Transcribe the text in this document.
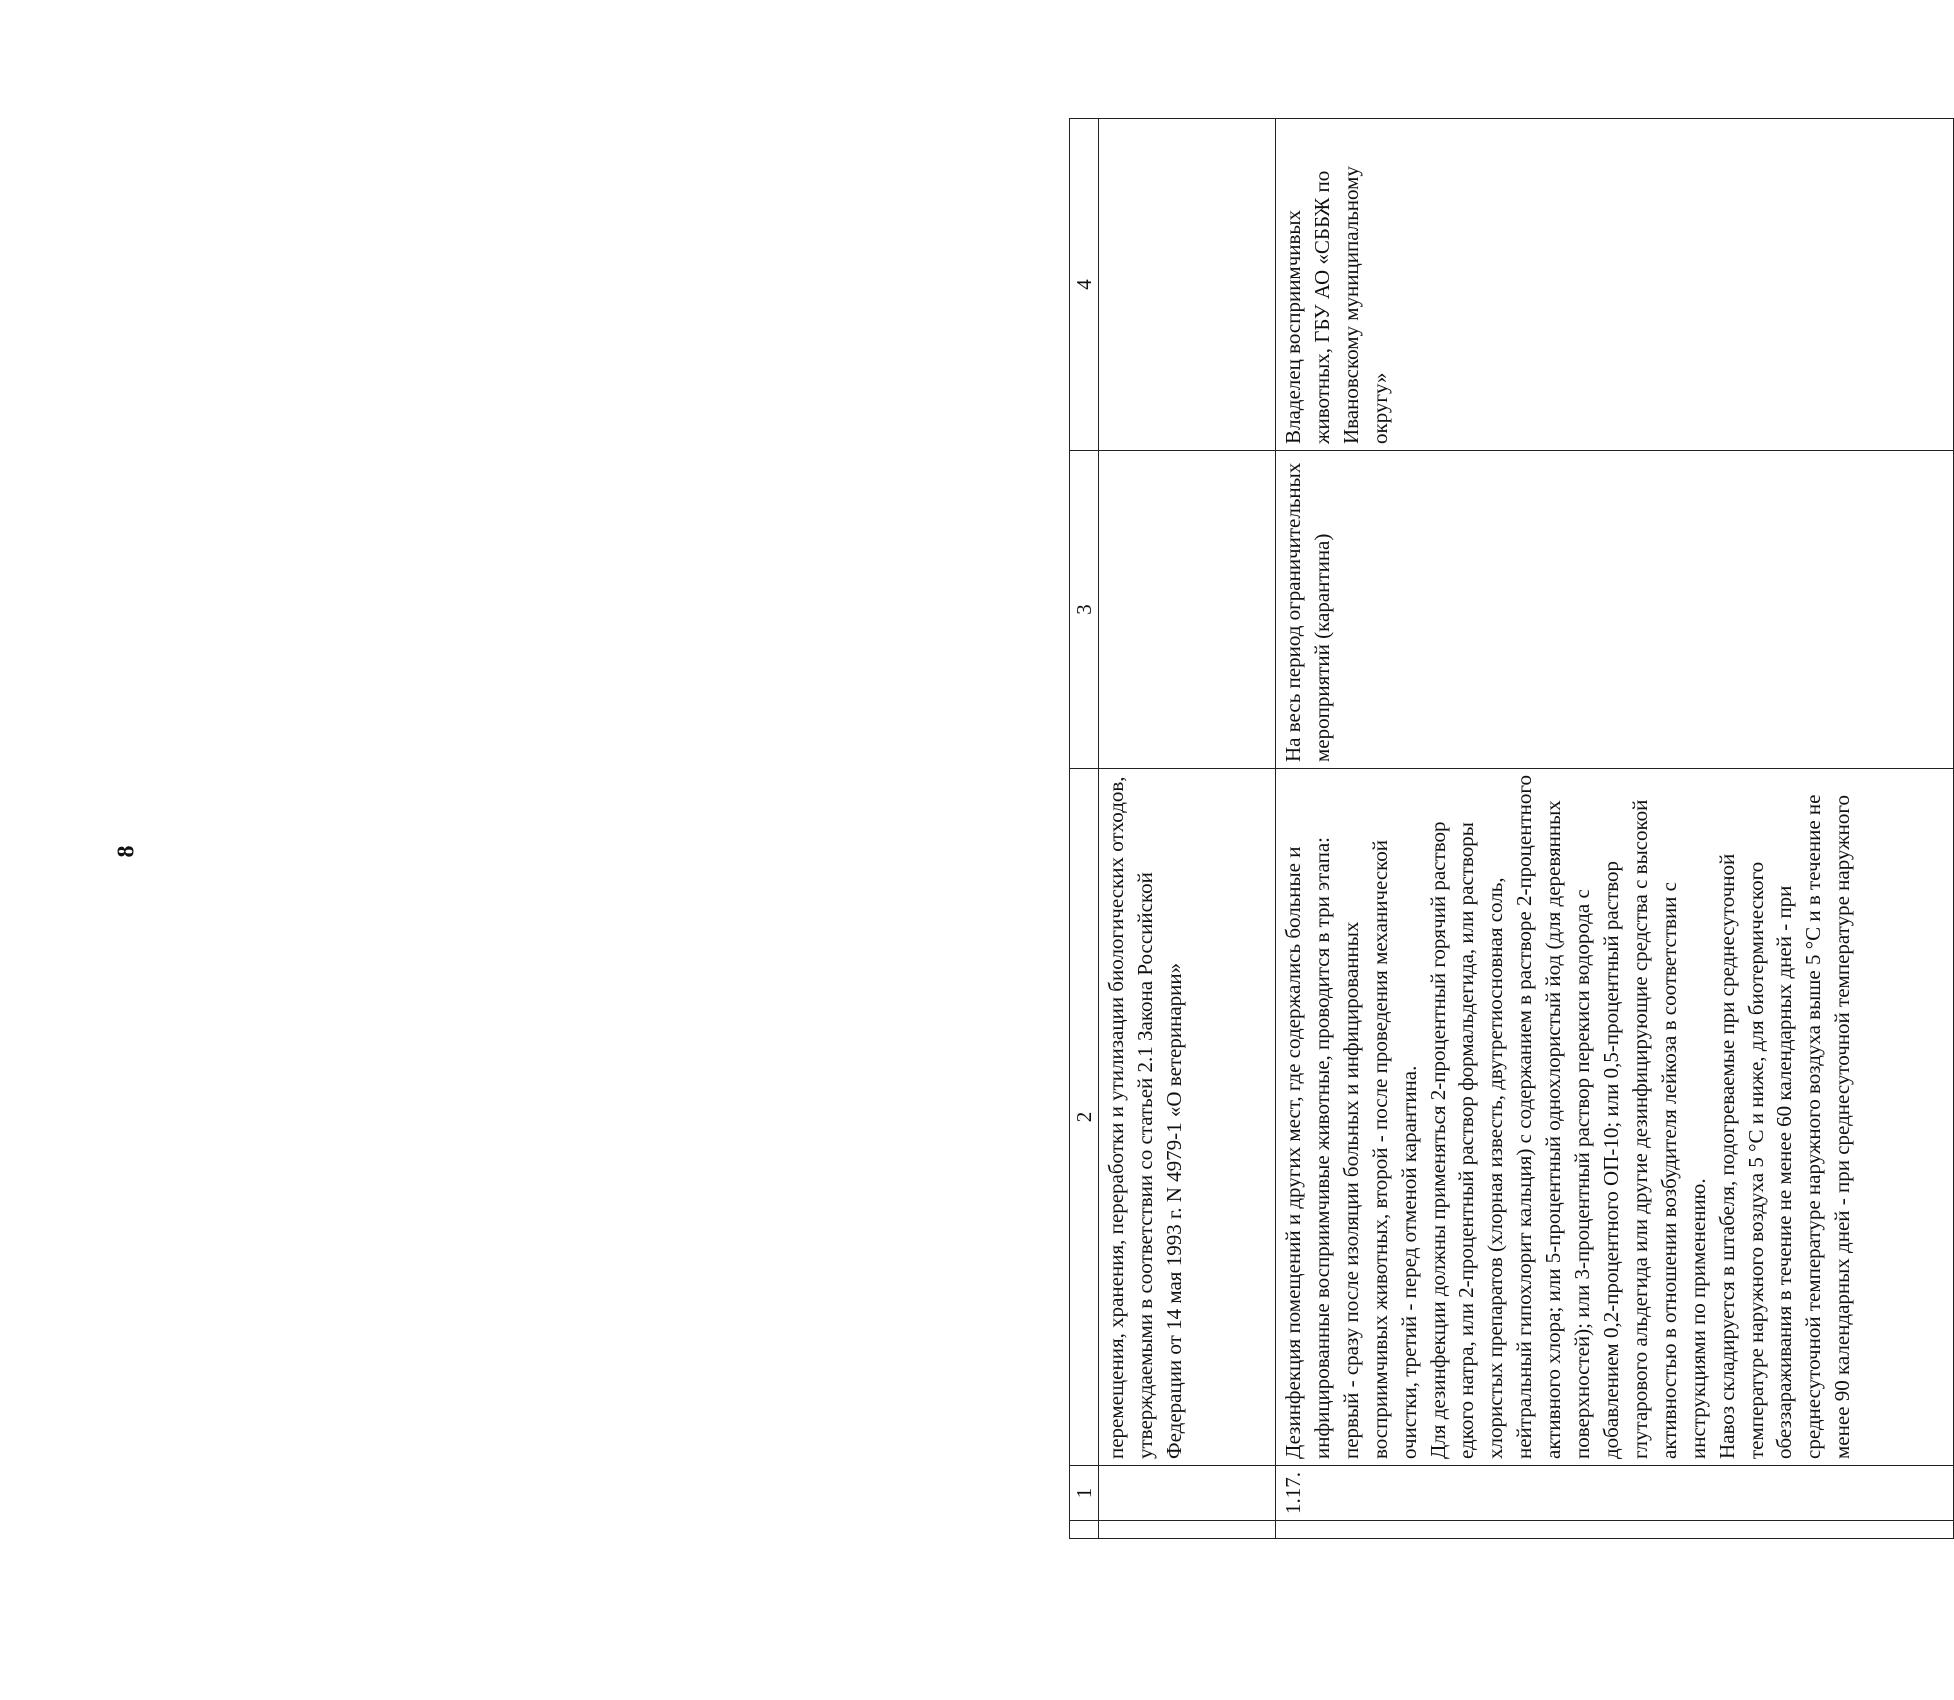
8
	1	2	3	4
		перемещения, хранения, переработки и утилизации биологических отходов, утверждаемыми в соответствии со статьей 2.1 Закона Российской Федерации от 14 мая 1993 г. N 4979-1 «О ветеринарии»		
	1.17.	Дезинфекция помещений и других мест, где содержались больные и инфицированные восприимчивые животные, проводится в три этапа: первый - сразу после изоляции больных и инфицированных восприимчивых животных, второй - после проведения механической очистки, третий - перед отменой карантина. Для дезинфекции должны применяться 2-процентный горячий раствор едкого натра, или 2-процентный раствор формальдегида, или растворы хлористых препаратов (хлорная известь, двутретиосновная соль, нейтральный гипохлорит кальция) с содержанием в растворе 2-процентного активного хлора; или 5-процентный однохлористый йод (для деревянных поверхностей); или 3-процентный раствор перекиси водорода с добавлением 0,2-процентного ОП-10; или 0,5-процентный раствор глутарового альдегида или другие дезинфицирующие средства с высокой активностью в отношении возбудителя лейкоза в соответствии с инструкциями по применению. Навоз складируется в штабеля, подогреваемые при среднесуточной температуре наружного воздуха 5 °С и ниже, для биотермического обеззараживания в течение не менее 60 календарных дней - при среднесуточной температуре наружного воздуха выше 5 °С и в течение не менее 90 календарных дней - при среднесуточной температуре наружного	На весь период ограничительных мероприятий (карантина)	Владелец восприимчивых животных, ГБУ АО «СББЖ по Ивановскому муниципальному округу»
